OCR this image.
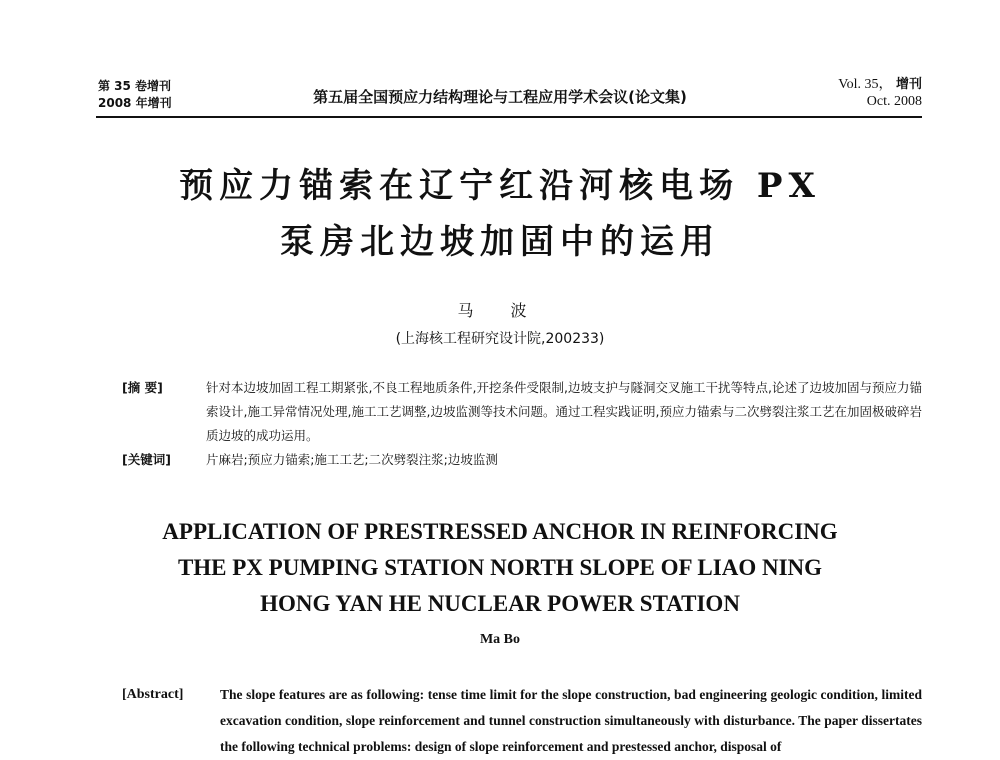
第 35 卷增刊
2008 年增刊	第五届全国预应力结构理论与工程应用学术会议(论文集)
Vol. 35， 增刊
Oct. 2008
预应力锚索在辽宁红沿河核电场 PX
泵房北边坡加固中的运用
马 波
(上海核工程研究设计院,200233)
[摘 要]	针对本边坡加固工程工期紧张,不良工程地质条件,开挖条件受限制,边坡支护与隧洞交叉施工干扰等特点,论述了边坡加固与预应力锚索设计,施工异常情况处理,施工工艺调整,边坡监测等技术问题。通过工程实践证明,预应力锚索与二次劈裂注浆工艺在加固极破碎岩质边坡的成功运用。
[关键词]	片麻岩;预应力锚索;施工工艺;二次劈裂注浆;边坡监测
APPLICATION OF PRESTRESSED ANCHOR IN REINFORCING
THE PX PUMPING STATION NORTH SLOPE OF LIAO NING
HONG YAN HE NUCLEAR POWER STATION
Ma Bo
[Abstract]	The slope features are as following: tense time limit for the slope construction, bad engineering geologic condition, limited excavation condition, slope reinforcement and tunnel construction simultaneously with disturbance. The paper dissertates the following technical problems: design of slope reinforcement and prestessed anchor, disposal of
